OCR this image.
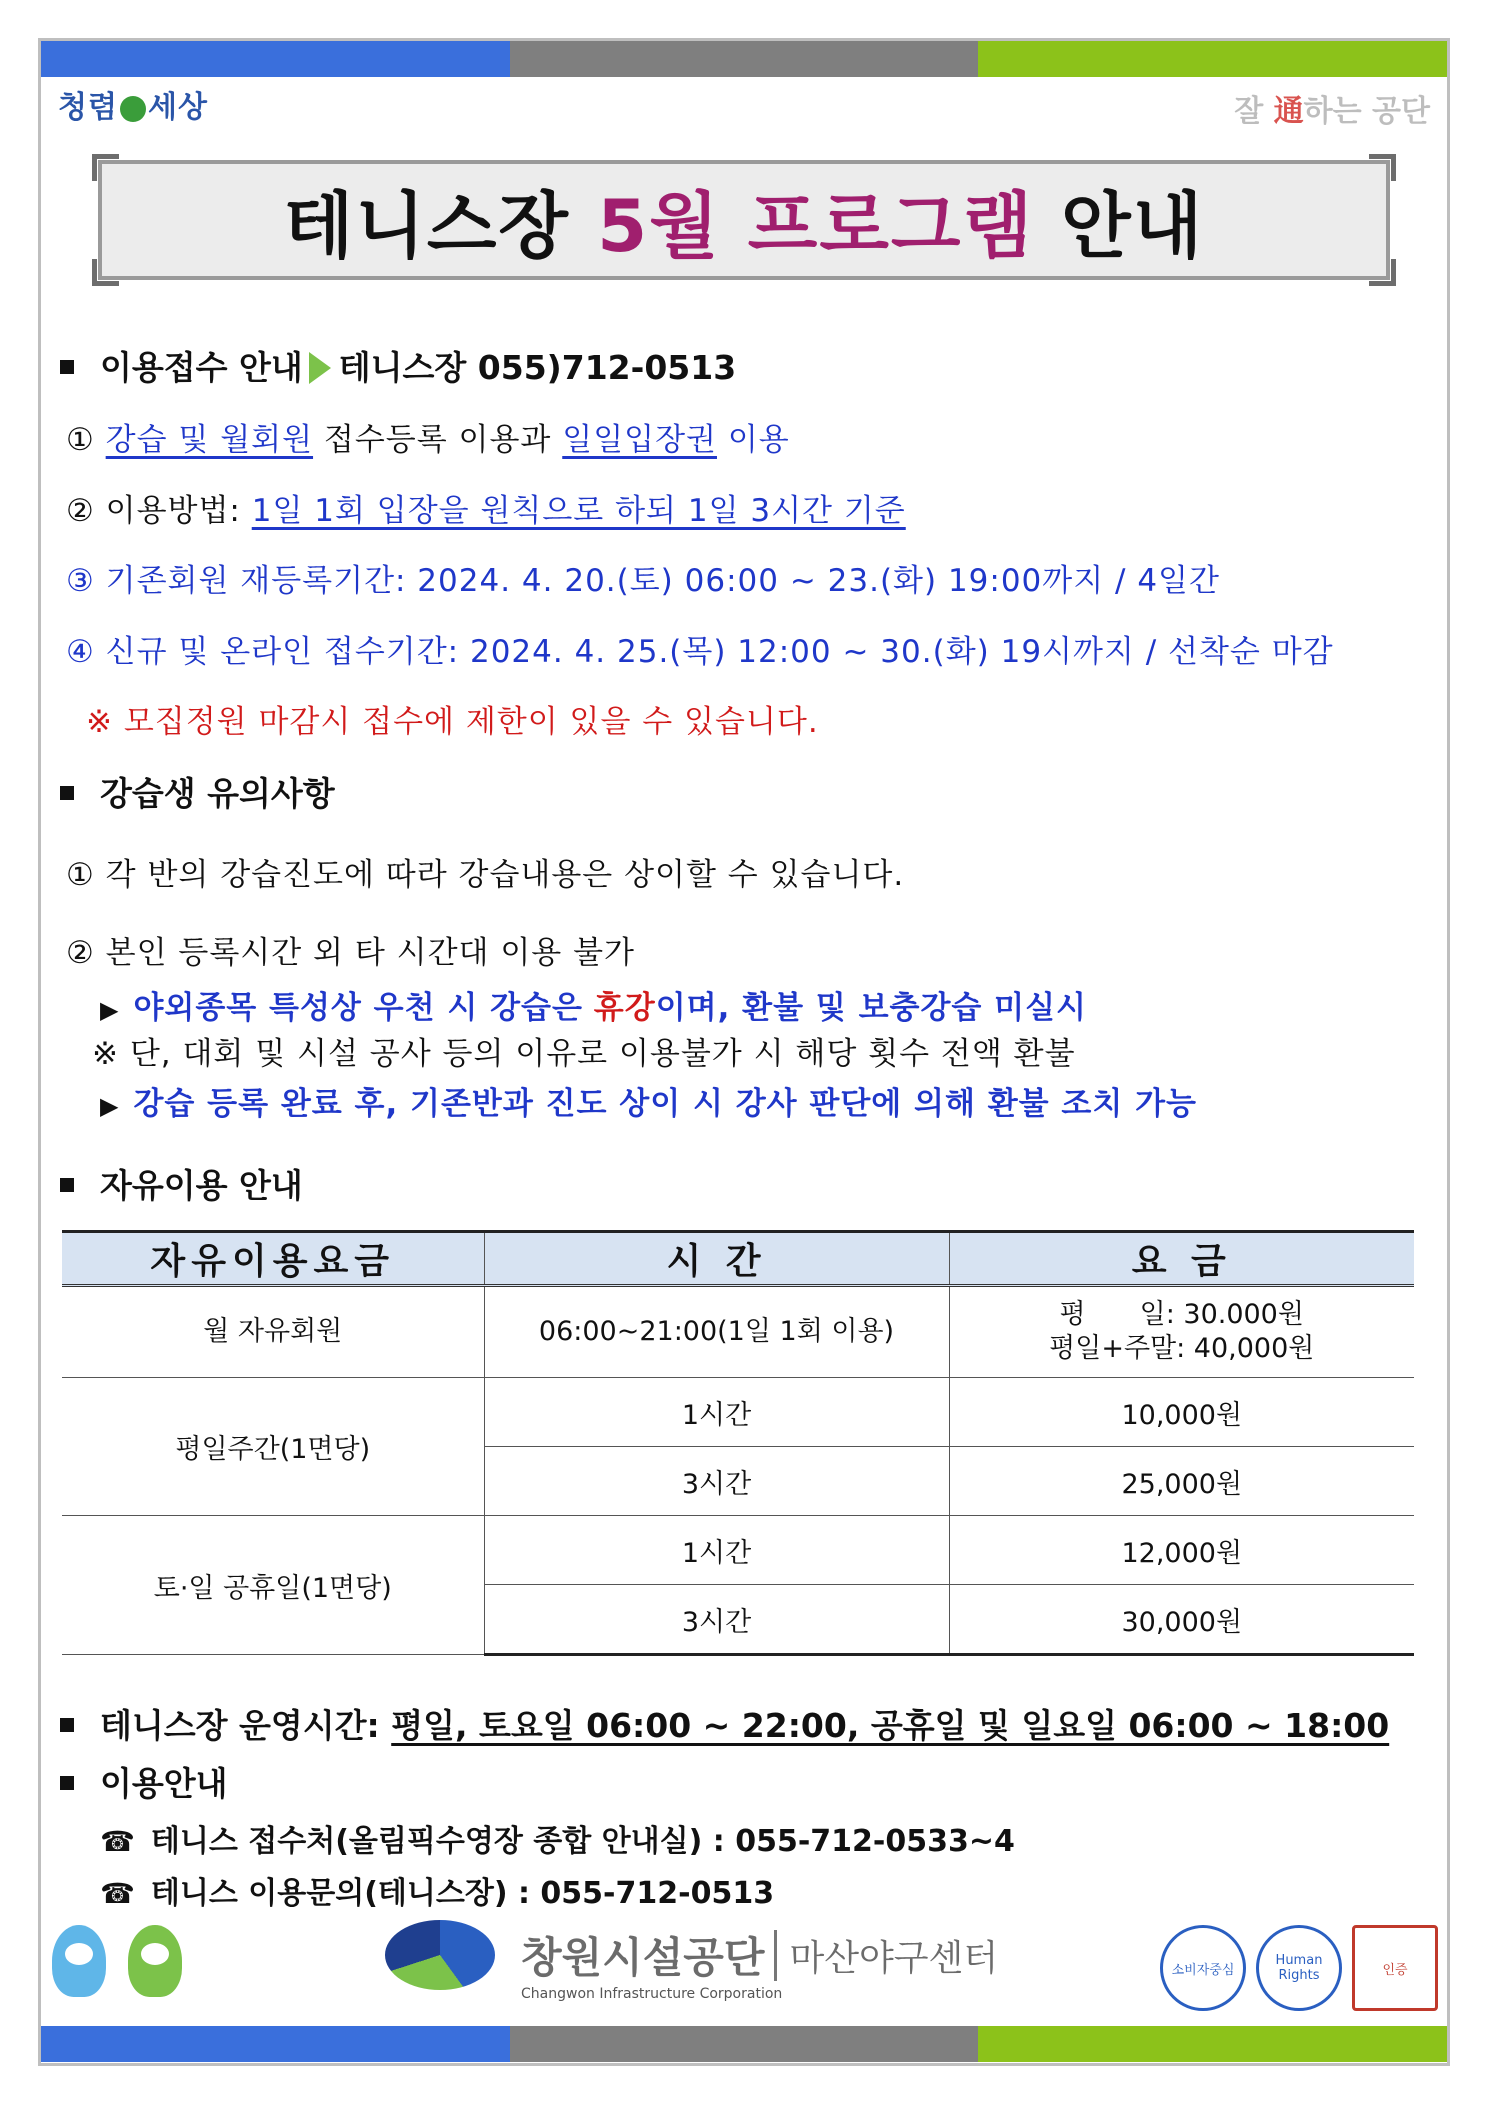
청렴 세상	잘 通하는 공단
테니스장 5월 프로그램 안내
이용접수 안내 테니스장 055)712-0513
① 강습 및 월회원 접수등록 이용과 일일입장권 이용
② 이용방법: 1일 1회 입장을 원칙으로 하되 1일 3시간 기준
③ 기존회원 재등록기간: 2024. 4. 20.(토) 06:00 ~ 23.(화) 19:00까지 / 4일간
④ 신규 및 온라인 접수기간: 2024. 4. 25.(목) 12:00 ~ 30.(화) 19시까지 / 선착순 마감
※ 모집정원 마감시 접수에 제한이 있을 수 있습니다.
강습생 유의사항
① 각 반의 강습진도에 따라 강습내용은 상이할 수 있습니다.
② 본인 등록시간 외 타 시간대 이용 불가
▶ 야외종목 특성상 우천 시 강습은 휴강이며, 환불 및 보충강습 미실시
※ 단, 대회 및 시설 공사 등의 이유로 이용불가 시 해당 횟수 전액 환불
▶ 강습 등록 완료 후, 기존반과 진도 상이 시 강사 판단에 의해 환불 조치 가능
자유이용 안내
자유이용요금	시 간	요 금
월 자유회원	06:00~21:00(1일 1회 이용)	평　　일: 30.000원
평일+주말: 40,000원

평일주간(1면당)	1시간	10,000원
	3시간	25,000원
토·일 공휴일(1면당)	1시간	12,000원
	3시간	30,000원
테니스장 운영시간: 평일, 토요일 06:00 ~ 22:00, 공휴일 및 일요일 06:00 ~ 18:00
이용안내
☎ 테니스 접수처(올림픽수영장 종합 안내실) : 055-712-0533~4
☎ 테니스 이용문의(테니스장) : 055-712-0513
창원시설공단 마산야구센터
Changwon Infrastructure Corporation
소비자중심
Human Rights	인증
